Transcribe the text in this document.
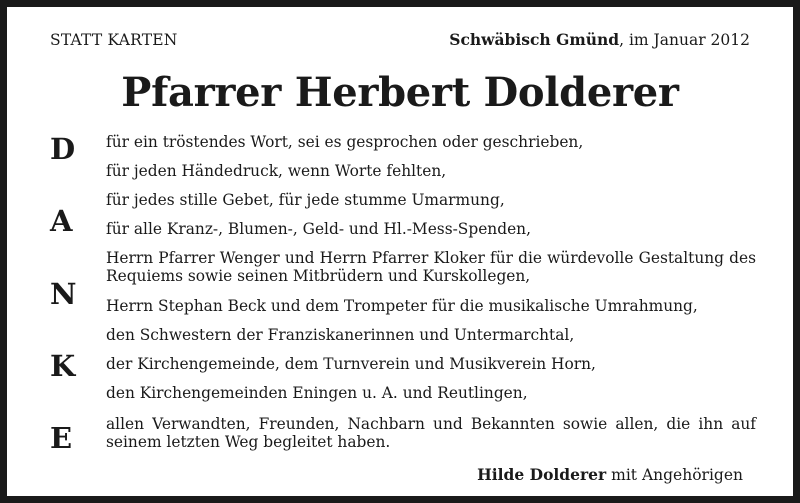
STATT KARTEN	Schwäbisch Gmünd, im Januar 2012
Pfarrer Herbert Dolderer
D
A
N
K
E
für ein tröstendes Wort, sei es gesprochen oder geschrieben,
für jeden Händedruck, wenn Worte fehlten,
für jedes stille Gebet, für jede stumme Umarmung,
für alle Kranz-, Blumen-, Geld- und Hl.-Mess-Spenden,
Herrn Pfarrer Wenger und Herrn Pfarrer Kloker für die würdevolle Gestaltung des Requiems sowie seinen Mitbrüdern und Kurskollegen,
Herrn Stephan Beck und dem Trompeter für die musikalische Umrahmung,
den Schwestern der Franziskanerinnen und Untermarchtal,
der Kirchengemeinde, dem Turnverein und Musikverein Horn,
den Kirchengemeinden Eningen u. A. und Reutlingen,
allen Verwandten, Freunden, Nachbarn und Bekannten sowie allen, die ihn auf seinem letzten Weg begleitet haben.
Hilde Dolderer mit Angehörigen
